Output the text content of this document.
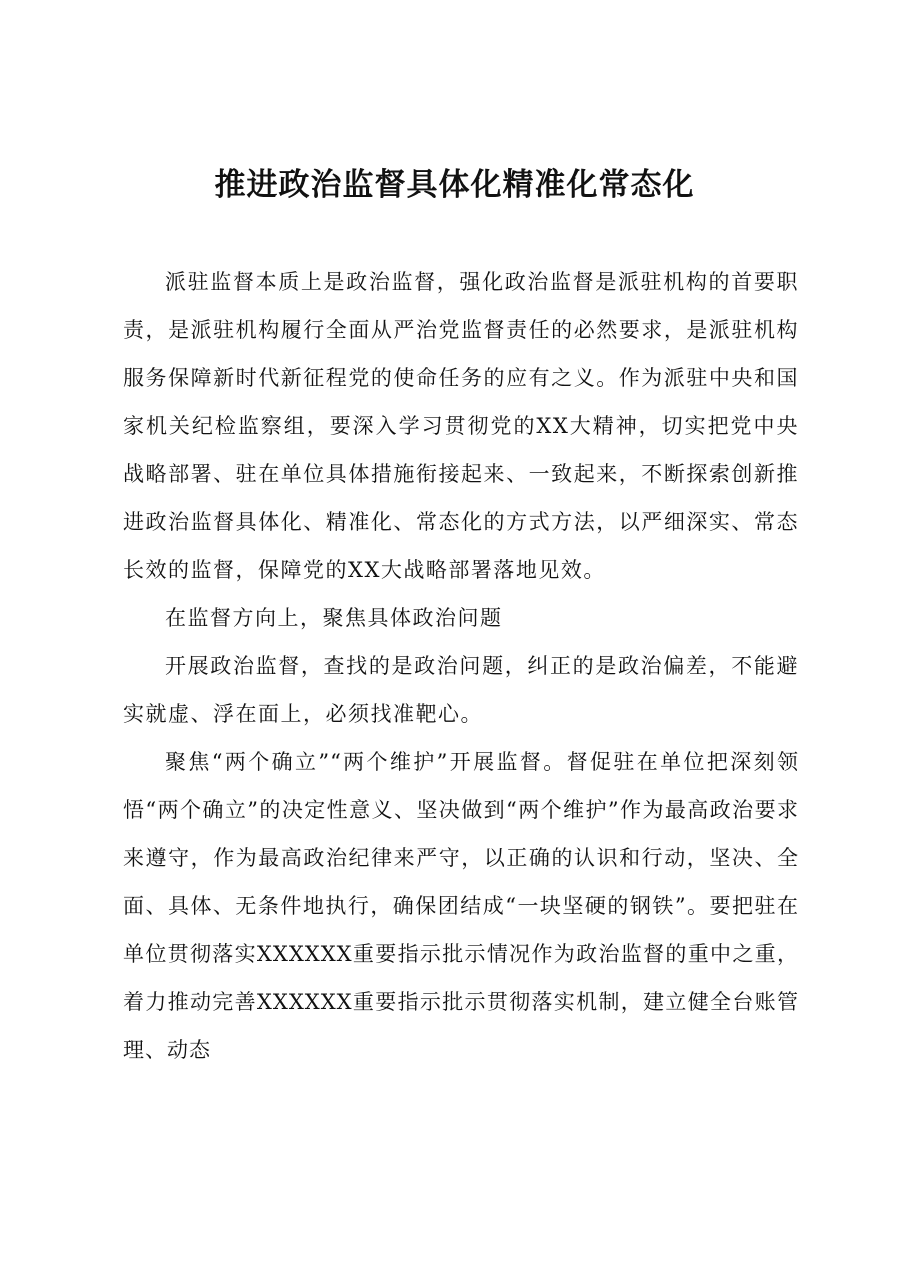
推进政治监督具体化精准化常态化

派驻监督本质上是政治监督，强化政治监督是派驻机构的首要职责，是派驻机构履行全面从严治党监督责任的必然要求，是派驻机构服务保障新时代新征程党的使命任务的应有之义。作为派驻中央和国家机关纪检监察组，要深入学习贯彻党的XX大精神，切实把党中央战略部署、驻在单位具体措施衔接起来、一致起来，不断探索创新推进政治监督具体化、精准化、常态化的方式方法，以严细深实、常态长效的监督，保障党的XX大战略部署落地见效。

在监督方向上，聚焦具体政治问题

开展政治监督，查找的是政治问题，纠正的是政治偏差，不能避实就虚、浮在面上，必须找准靶心。

聚焦“两个确立”“两个维护”开展监督。督促驻在单位把深刻领悟“两个确立”的决定性意义、坚决做到“两个维护”作为最高政治要求来遵守，作为最高政治纪律来严守，以正确的认识和行动，坚决、全面、具体、无条件地执行，确保团结成“一块坚硬的钢铁”。要把驻在单位贯彻落实XXXXXX重要指示批示情况作为政治监督的重中之重，着力推动完善XXXXXX重要指示批示贯彻落实机制，建立健全台账管理、动态
